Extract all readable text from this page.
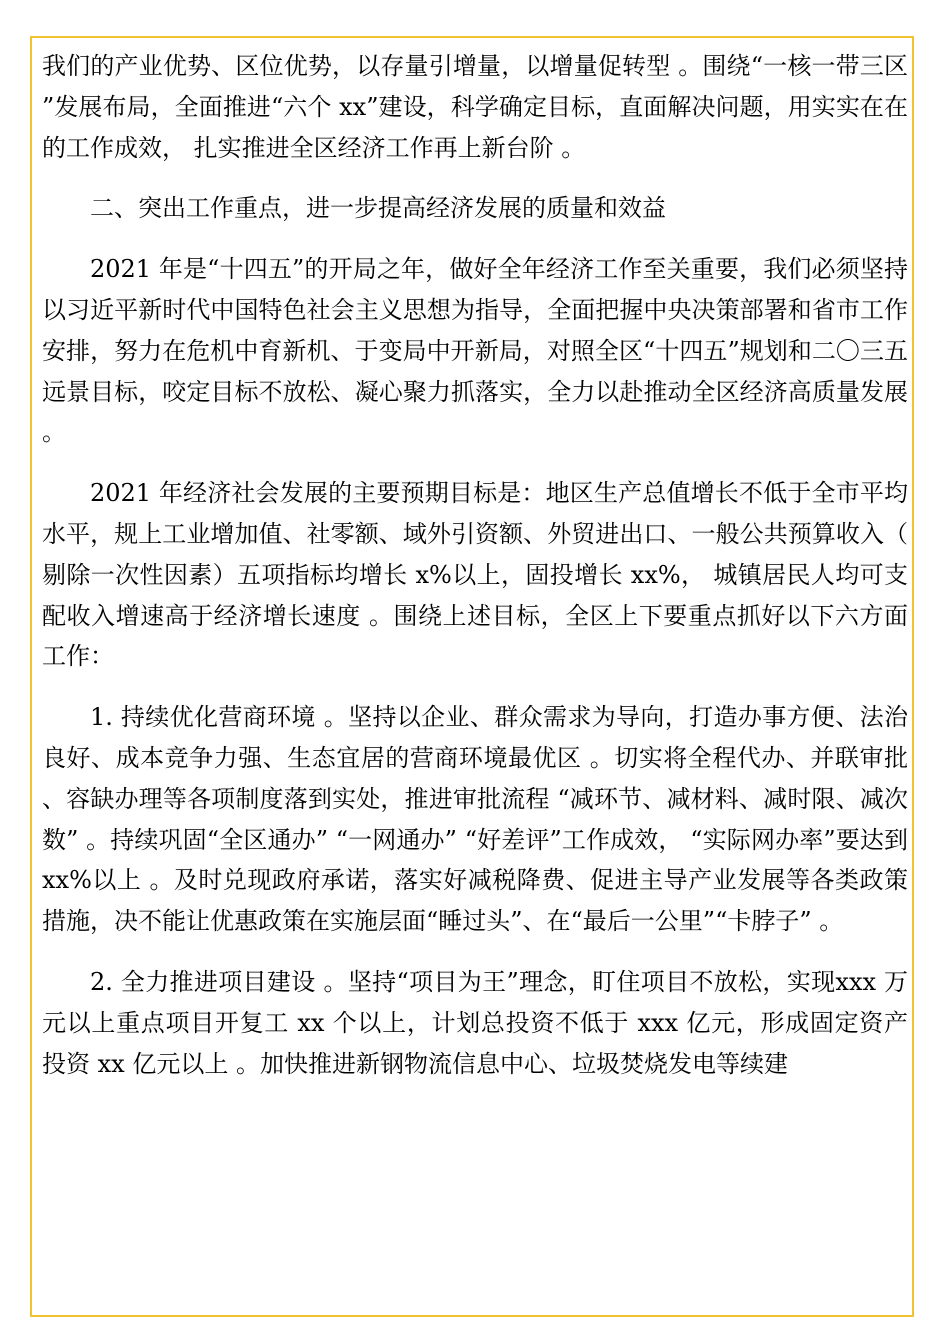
我们的产业优势、区位优势，以存量引增量，以增量促转型 。围绕“一核一带三区”发展布局，全面推进“六个 xx”建设，科学确定目标，直面解决问题，用实实在在的工作成效， 扎实推进全区经济工作再上新台阶 。

二、突出工作重点，进一步提高经济发展的质量和效益

2021 年是“十四五”的开局之年，做好全年经济工作至关重要，我们必须坚持以习近平新时代中国特色社会主义思想为指导，全面把握中央决策部署和省市工作安排，努力在危机中育新机、于变局中开新局，对照全区“十四五”规划和二〇三五远景目标，咬定目标不放松、凝心聚力抓落实，全力以赴推动全区经济高质量发展 。

2021 年经济社会发展的主要预期目标是：地区生产总值增长不低于全市平均水平，规上工业增加值、社零额、域外引资额、外贸进出口、一般公共预算收入（剔除一次性因素）五项指标均增长 x%以上，固投增长 xx%， 城镇居民人均可支配收入增速高于经济增长速度 。围绕上述目标，全区上下要重点抓好以下六方面工作：

1. 持续优化营商环境 。坚持以企业、群众需求为导向，打造办事方便、法治良好、成本竞争力强、生态宜居的营商环境最优区 。切实将全程代办、并联审批、容缺办理等各项制度落到实处，推进审批流程 “减环节、减材料、减时限、减次数” 。持续巩固“全区通办” “一网通办” “好差评”工作成效， “实际网办率”要达到 xx%以上 。及时兑现政府承诺，落实好减税降费、促进主导产业发展等各类政策措施，决不能让优惠政策在实施层面“睡过头”、在“最后一公里”“卡脖子” 。

2. 全力推进项目建设 。坚持“项目为王”理念，盯住项目不放松，实现xxx 万元以上重点项目开复工 xx 个以上，计划总投资不低于 xxx 亿元，形成固定资产投资 xx 亿元以上 。加快推进新钢物流信息中心、垃圾焚烧发电等续建
